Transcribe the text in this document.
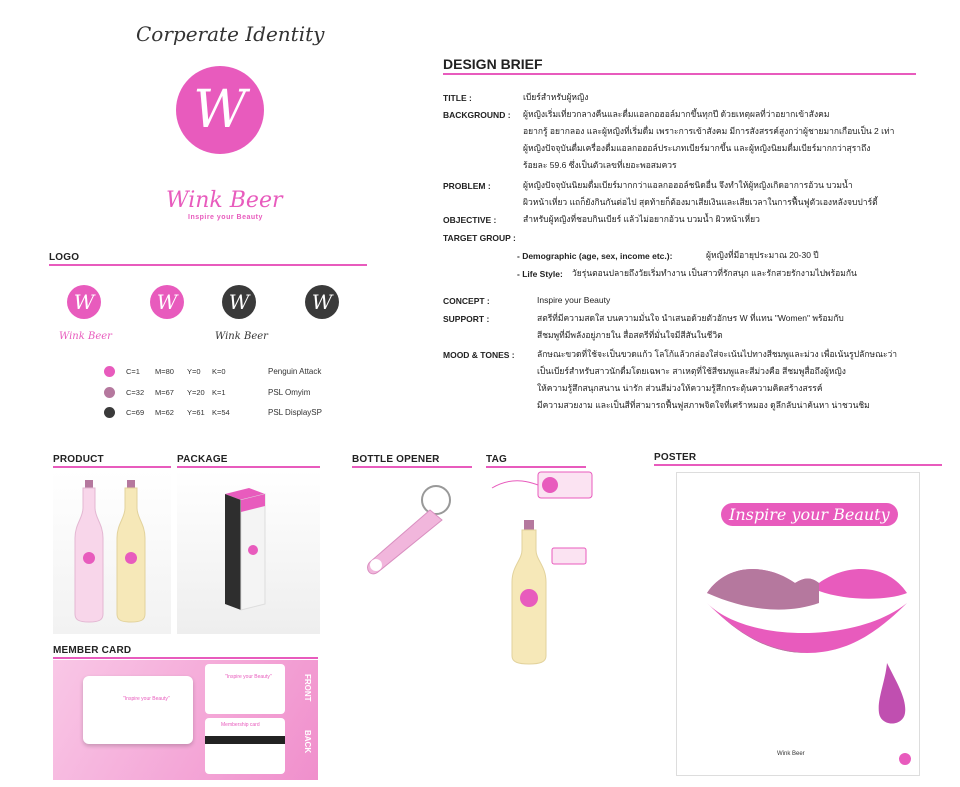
Corperate Identity
W
Wink Beer
Inspire your Beauty
LOGO
W
Wink Beer
W	W
Wink Beer
W
C=1 M=80 Y=0 K=0	Penguin Attack
C=32 M=67 Y=20 K=1	PSL Omyim
C=69 M=62 Y=61 K=54	PSL DisplaySP
DESIGN BRIEF
TITLE :	เบียร์สำหรับผู้หญิง
BACKGROUND : ผู้หญิงเริ่มเที่ยวกลางคืนและดื่มแอลกอฮอล์มากขึ้นทุกปี ด้วยเหตุผลที่ว่าอยากเข้าสังคม
อยากรู้ อยากลอง และผู้หญิงที่เริ่มดื่ม เพราะการเข้าสังคม มีการสังสรรค์สูงกว่าผู้ชายมากเกือบเป็น 2 เท่า
ผู้หญิงปัจจุบันดื่มเครื่องดื่มแอลกอฮอล์ประเภทเบียร์มากขึ้น และผู้หญิงนิยมดื่มเบียร์มากกว่าสุราถึง
ร้อยละ 59.6 ซึ่งเป็นตัวเลขที่เยอะพอสมควร
PROBLEM :	ผู้หญิงปัจจุบันนิยมดื่มเบียร์มากกว่าแอลกอฮอล์ชนิดอื่น จึงทำให้ผู้หญิงเกิดอาการอ้วน บวมน้ำ
ผิวหน้าเหี่ยว แถก็ยังกินกันต่อไป สุดท้ายก็ต้องมาเสียเงินและเสียเวลาในการฟื้นฟูตัวเองหลังจบปาร์ตี้
OBJECTIVE :	สำหรับผู้หญิงที่ชอบกินเบียร์ แล้วไม่อยากอ้วน บวมน้ำ ผิวหน้าเหี่ยว
TARGET GROUP :
- Demographic (age, sex, income etc.):	ผู้หญิงที่มีอายุประมาณ 20-30 ปี
- Life Style: วัยรุ่นตอนปลายถึงวัยเริ่มทำงาน เป็นสาวที่รักสนุก และรักสวยรักงามไปพร้อมกัน
CONCEPT :	Inspire your Beauty
SUPPORT :	สตรีที่มีความสดใส บนความมั่นใจ นำเสนอด้วยตัวอักษร W ที่แทน "Women" พร้อมกับ
สีชมพูที่มีพลังอยู่ภายใน สื่อสตรีที่มั่นใจมีสีสันในชีวิต
MOOD & TONES :	ลักษณะขวดที่ใช้จะเป็นขวดแก้ว โลโก้แล้วกล่องใส่จะเน้นไปทางสีชมพูและม่วง เพื่อเน้นรูปลักษณะว่า
เป็นเบียร์สำหรับสาวนักดื่มโดยเฉพาะ สาเหตุที่ใช้สีชมพูและสีม่วงคือ สีชมพูสื่อถึงผู้หญิง
ให้ความรู้สึกสนุกสนาน น่ารัก ส่วนสีม่วงให้ความรู้สึกกระตุ้นความคิดสร้างสรรค์
มีความสวยงาม และเป็นสีที่สามารถฟื้นฟูสภาพจิตใจที่เศร้าหมอง ดูลึกลับน่าค้นหา น่าชวนชิม
PRODUCT	PACKAGE	BOTTLE OPENER	TAG	POSTER
MEMBER CARD
Inspire your Beauty
Wink Beer
"Inspire your Beauty"
"Inspire your Beauty"
Membership card
FRONT
BACK
